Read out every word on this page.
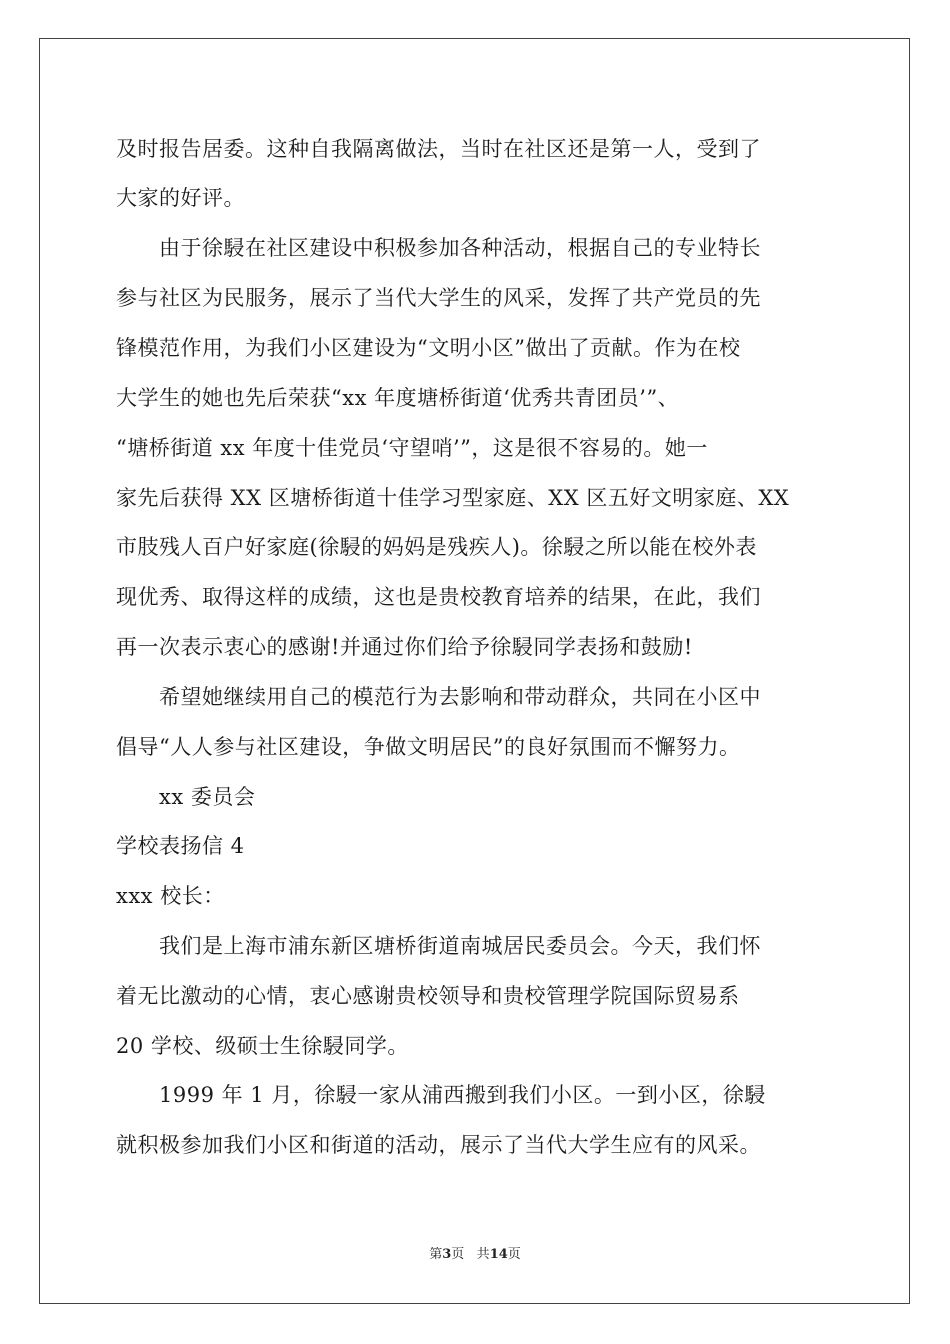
及时报告居委。这种自我隔离做法，当时在社区还是第一人，受到了
大家的好评。
由于徐駸在社区建设中积极参加各种活动，根据自己的专业特长
参与社区为民服务，展示了当代大学生的风采，发挥了共产党员的先
锋模范作用，为我们小区建设为“文明小区”做出了贡献。作为在校
大学生的她也先后荣获“xx 年度塘桥街道‘优秀共青团员’”、
“塘桥街道 xx 年度十佳党员‘守望哨’”，这是很不容易的。她一
家先后获得 XX 区塘桥街道十佳学习型家庭、XX 区五好文明家庭、XX
市肢残人百户好家庭(徐駸的妈妈是残疾人)。徐駸之所以能在校外表
现优秀、取得这样的成绩，这也是贵校教育培养的结果，在此，我们
再一次表示衷心的感谢!并通过你们给予徐駸同学表扬和鼓励!
希望她继续用自己的模范行为去影响和带动群众，共同在小区中
倡导“人人参与社区建设，争做文明居民”的良好氛围而不懈努力。
xx 委员会
学校表扬信 4
xxx 校长：
我们是上海市浦东新区塘桥街道南城居民委员会。今天，我们怀
着无比激动的心情，衷心感谢贵校领导和贵校管理学院国际贸易系
20 学校、级硕士生徐駸同学。
1999 年 1 月，徐駸一家从浦西搬到我们小区。一到小区，徐駸
就积极参加我们小区和街道的活动，展示了当代大学生应有的风采。
第3页 共14页
